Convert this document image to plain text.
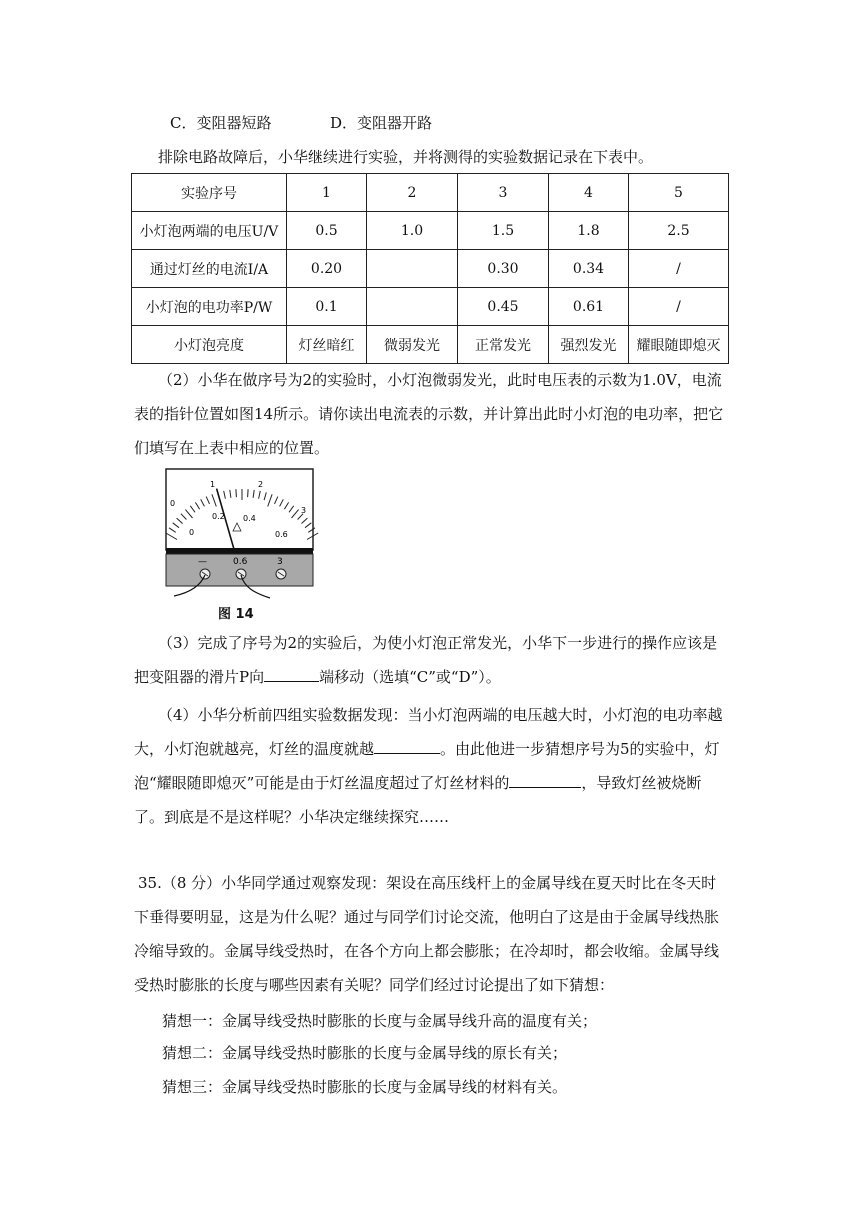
C．变阻器短路	D．变阻器开路
排除电路故障后，小华继续进行实验，并将测得的实验数据记录在下表中。
实验序号	1	2	3	4	5
小灯泡两端的电压U/V	0.5	1.0	1.5	1.8	2.5
通过灯丝的电流I/A	0.20		0.30	0.34	/
小灯泡的电功率P/W	0.1		0.45	0.61	/
小灯泡亮度	灯丝暗红	微弱发光	正常发光	强烈发光	耀眼随即熄灭
（2）小华在做序号为2的实验时，小灯泡微弱发光，此时电压表的示数为1.0V，电流
表的指针位置如图14所示。请你读出电流表的示数，并计算出此时小灯泡的电功率，把它
们填写在上表中相应的位置。
0
1	2
3
0
0.2 0.4
0.6
—	0.6	3
图 14
（3）完成了序号为2的实验后，为使小灯泡正常发光，小华下一步进行的操作应该是
把变阻器的滑片P向	端移动（选填“C”或“D”）。
（4）小华分析前四组实验数据发现：当小灯泡两端的电压越大时，小灯泡的电功率越
大，小灯泡就越亮，灯丝的温度就越	。由此他进一步猜想序号为5的实验中，灯
泡“耀眼随即熄灭”可能是由于灯丝温度超过了灯丝材料的	，导致灯丝被烧断
了。到底是不是这样呢？小华决定继续探究……
35.（8 分）小华同学通过观察发现：架设在高压线杆上的金属导线在夏天时比在冬天时
下垂得要明显，这是为什么呢？通过与同学们讨论交流，他明白了这是由于金属导线热胀
冷缩导致的。金属导线受热时，在各个方向上都会膨胀；在冷却时，都会收缩。金属导线
受热时膨胀的长度与哪些因素有关呢？同学们经过讨论提出了如下猜想：
猜想一：金属导线受热时膨胀的长度与金属导线升高的温度有关；
猜想二：金属导线受热时膨胀的长度与金属导线的原长有关；
猜想三：金属导线受热时膨胀的长度与金属导线的材料有关。
